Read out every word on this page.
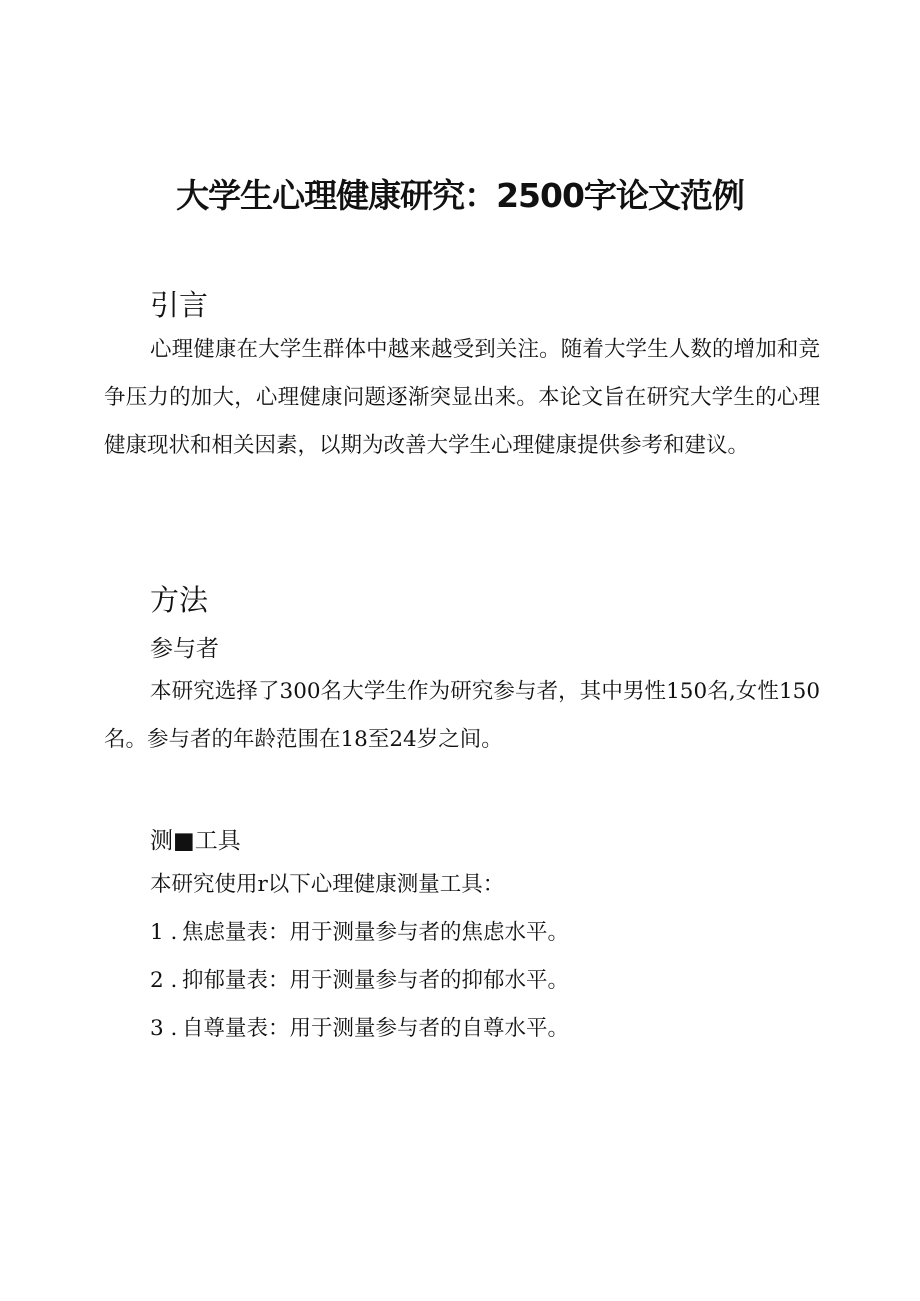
大学生心理健康研究：2500字论文范例
引言

心理健康在大学生群体中越来越受到关注。随着大学生人数的增加和竞争压力的加大，心理健康问题逐渐突显出来。本论文旨在研究大学生的心理健康现状和相关因素，以期为改善大学生心理健康提供参考和建议。

方法
参与者

本研究选择了300名大学生作为研究参与者，其中男性150名,女性150名。参与者的年龄范围在18至24岁之间。

测■工具

本研究使用r以下心理健康测量工具：

1 . 焦虑量表：用于测量参与者的焦虑水平。
2 . 抑郁量表：用于测量参与者的抑郁水平。
3 . 自尊量表：用于测量参与者的自尊水平。
